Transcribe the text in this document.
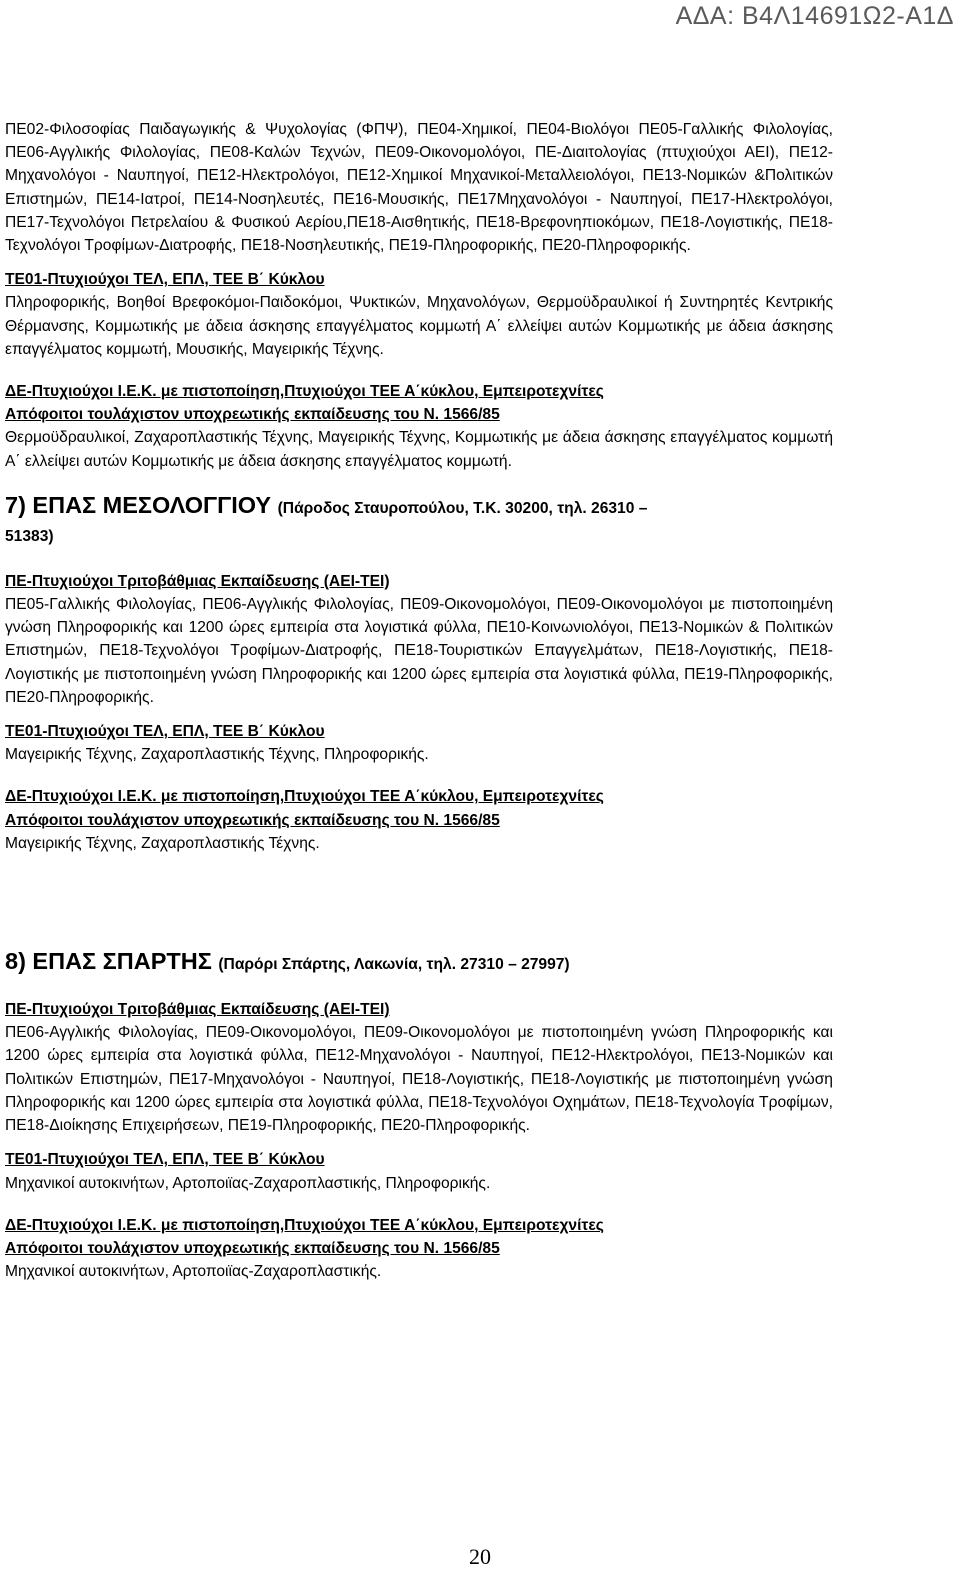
ΑΔΑ: Β4Λ14691Ω2-Α1Δ

ΠΕ02-Φιλοσοφίας Παιδαγωγικής & Ψυχολογίας (ΦΠΨ), ΠΕ04-Χημικοί, ΠΕ04-Βιολόγοι ΠΕ05-Γαλλικής Φιλολογίας, ΠΕ06-Αγγλικής Φιλολογίας, ΠΕ08-Καλών Τεχνών, ΠΕ09-Οικονομολόγοι, ΠΕ-Διαιτολογίας (πτυχιούχοι ΑΕΙ), ΠΕ12-Μηχανολόγοι - Ναυπηγοί, ΠΕ12-Ηλεκτρολόγοι, ΠΕ12-Χημικοί Μηχανικοί-Μεταλλειολόγοι, ΠΕ13-Νομικών &Πολιτικών Επιστημών, ΠΕ14-Ιατροί, ΠΕ14-Νοσηλευτές, ΠΕ16-Μουσικής, ΠΕ17Μηχανολόγοι - Ναυπηγοί, ΠΕ17-Ηλεκτρολόγοι, ΠΕ17-Τεχνολόγοι Πετρελαίου & Φυσικού Αερίου,ΠΕ18-Αισθητικής, ΠΕ18-Βρεφονηπιοκόμων, ΠΕ18-Λογιστικής, ΠΕ18-Τεχνολόγοι Τροφίμων-Διατροφής, ΠΕ18-Νοσηλευτικής, ΠΕ19-Πληροφορικής, ΠΕ20-Πληροφορικής.

ΤΕ01-Πτυχιούχοι ΤΕΛ, ΕΠΛ, ΤΕΕ Β΄ Κύκλου

Πληροφορικής, Βοηθοί Βρεφοκόμοι-Παιδοκόμοι, Ψυκτικών, Μηχανολόγων, Θερμοϋδραυλικοί ή Συντηρητές Κεντρικής Θέρμανσης, Κομμωτικής με άδεια άσκησης επαγγέλματος κομμωτή Α΄ ελλείψει αυτών Κομμωτικής με άδεια άσκησης επαγγέλματος κομμωτή, Μουσικής, Μαγειρικής Τέχνης.

ΔΕ-Πτυχιούχοι Ι.Ε.Κ. με πιστοποίηση,Πτυχιούχοι ΤΕΕ Α΄κύκλου, Εμπειροτεχνίτες
Απόφοιτοι τουλάχιστον υποχρεωτικής εκπαίδευσης του Ν. 1566/85

Θερμοϋδραυλικοί, Ζαχαροπλαστικής Τέχνης, Μαγειρικής Τέχνης, Κομμωτικής με άδεια άσκησης επαγγέλματος κομμωτή Α΄ ελλείψει αυτών Κομμωτικής με άδεια άσκησης επαγγέλματος κομμωτή.

7) ΕΠΑΣ ΜΕΣΟΛΟΓΓΙΟΥ (Πάροδος Σταυροπούλου, Τ.Κ. 30200, τηλ. 26310 –
51383)
ΠΕ-Πτυχιούχοι Τριτοβάθμιας Εκπαίδευσης (ΑΕΙ-ΤΕΙ)

ΠΕ05-Γαλλικής Φιλολογίας, ΠΕ06-Αγγλικής Φιλολογίας, ΠΕ09-Οικονομολόγοι, ΠΕ09-Οικονομολόγοι με πιστοποιημένη γνώση Πληροφορικής και 1200 ώρες εμπειρία στα λογιστικά φύλλα, ΠΕ10-Κοινωνιολόγοι, ΠΕ13-Νομικών & Πολιτικών Επιστημών, ΠΕ18-Τεχνολόγοι Τροφίμων-Διατροφής, ΠΕ18-Τουριστικών Επαγγελμάτων, ΠΕ18-Λογιστικής, ΠΕ18-Λογιστικής με πιστοποιημένη γνώση Πληροφορικής και 1200 ώρες εμπειρία στα λογιστικά φύλλα, ΠΕ19-Πληροφορικής, ΠΕ20-Πληροφορικής.

ΤΕ01-Πτυχιούχοι ΤΕΛ, ΕΠΛ, ΤΕΕ Β΄ Κύκλου

Μαγειρικής Τέχνης, Ζαχαροπλαστικής Τέχνης, Πληροφορικής.

ΔΕ-Πτυχιούχοι Ι.Ε.Κ. με πιστοποίηση,Πτυχιούχοι ΤΕΕ Α΄κύκλου, Εμπειροτεχνίτες
Απόφοιτοι τουλάχιστον υποχρεωτικής εκπαίδευσης του Ν. 1566/85

Μαγειρικής Τέχνης, Ζαχαροπλαστικής Τέχνης.

8) ΕΠΑΣ ΣΠΑΡΤΗΣ (Παρόρι Σπάρτης, Λακωνία, τηλ. 27310 – 27997)
ΠΕ-Πτυχιούχοι Τριτοβάθμιας Εκπαίδευσης (ΑΕΙ-ΤΕΙ)

ΠΕ06-Αγγλικής Φιλολογίας, ΠΕ09-Οικονομολόγοι, ΠΕ09-Οικονομολόγοι με πιστοποιημένη γνώση Πληροφορικής και 1200 ώρες εμπειρία στα λογιστικά φύλλα, ΠΕ12-Μηχανολόγοι - Ναυπηγοί, ΠΕ12-Ηλεκτρολόγοι, ΠΕ13-Νομικών και Πολιτικών Επιστημών, ΠΕ17-Μηχανολόγοι - Ναυπηγοί, ΠΕ18-Λογιστικής, ΠΕ18-Λογιστικής με πιστοποιημένη γνώση Πληροφορικής και 1200 ώρες εμπειρία στα λογιστικά φύλλα, ΠΕ18-Τεχνολόγοι Οχημάτων, ΠΕ18-Τεχνολογία Τροφίμων, ΠΕ18-Διοίκησης Επιχειρήσεων, ΠΕ19-Πληροφορικής, ΠΕ20-Πληροφορικής.

ΤΕ01-Πτυχιούχοι ΤΕΛ, ΕΠΛ, ΤΕΕ Β΄ Κύκλου

Μηχανικοί αυτοκινήτων, Αρτοποιϊας-Ζαχαροπλαστικής, Πληροφορικής.

ΔΕ-Πτυχιούχοι Ι.Ε.Κ. με πιστοποίηση,Πτυχιούχοι ΤΕΕ Α΄κύκλου, Εμπειροτεχνίτες
Απόφοιτοι τουλάχιστον υποχρεωτικής εκπαίδευσης του Ν. 1566/85

Μηχανικοί αυτοκινήτων, Αρτοποιϊας-Ζαχαροπλαστικής.

20
